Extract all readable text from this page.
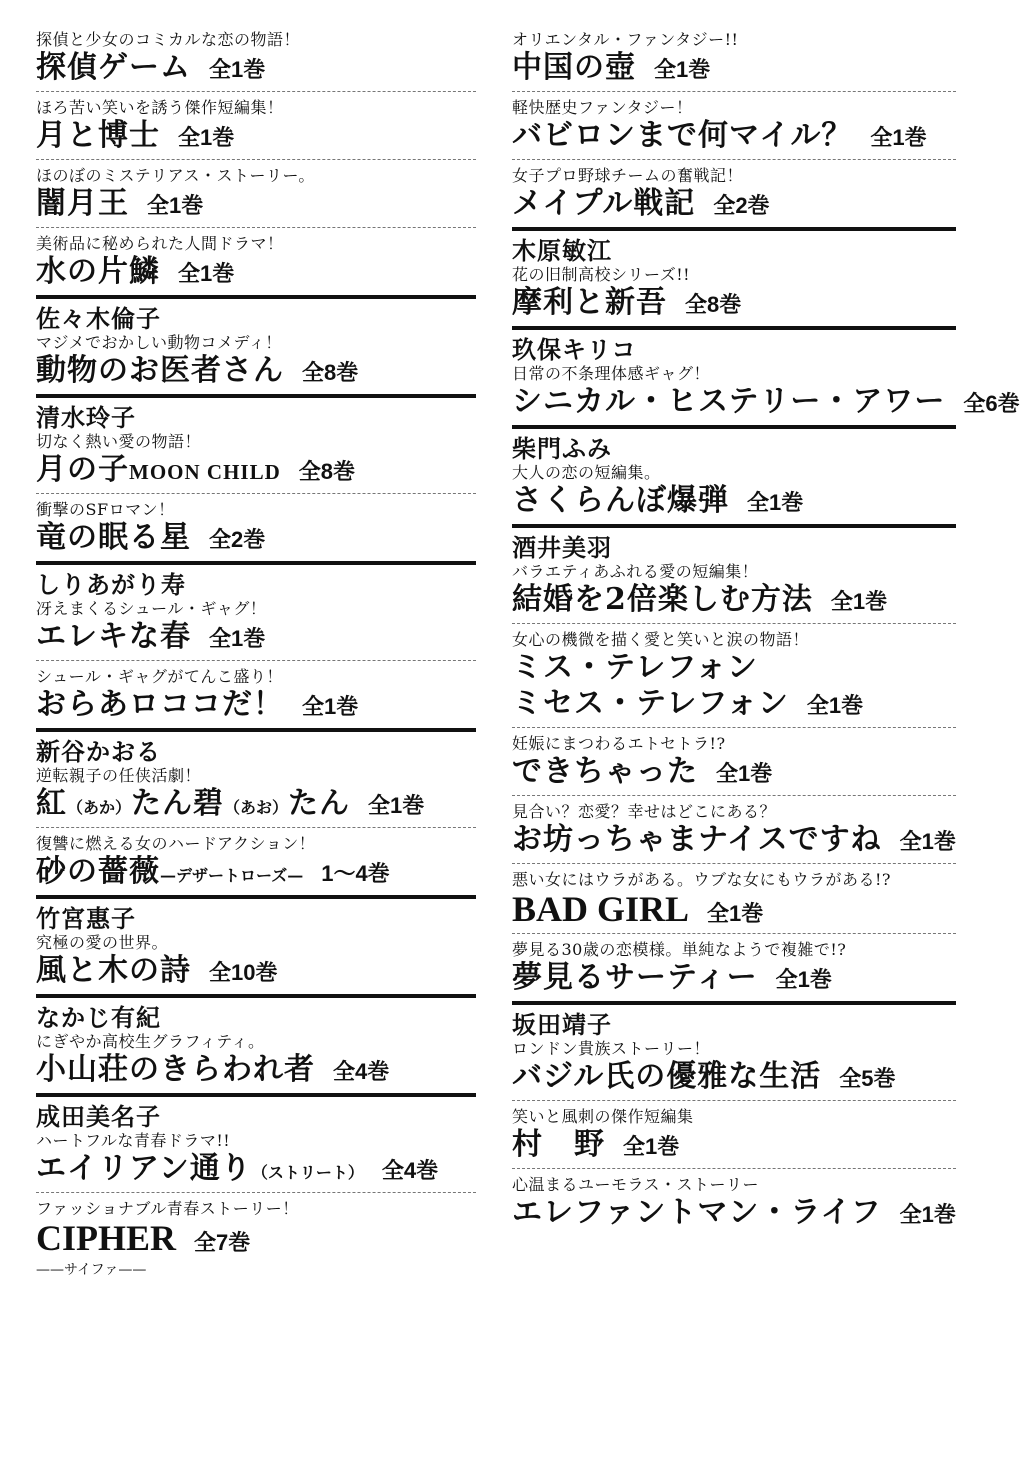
探偵と少女のコミカルな恋の物語！
探偵ゲーム 全1巻
ほろ苦い笑いを誘う傑作短編集！
月と博士 全1巻
ほのぼのミステリアス・ストーリー。
闇月王 全1巻
美術品に秘められた人間ドラマ！
水の片鱗 全1巻
佐々木倫子
マジメでおかしい動物コメディ！
動物のお医者さん 全8巻
清水玲子
切なく熱い愛の物語！
月の子 MOON CHILD 全8巻
衝撃のSFロマン！
竜の眠る星 全2巻
しりあがり寿
冴えまくるシュール・ギャグ！
エレキな春 全1巻
シュール・ギャグがてんこ盛り！
おらあロココだ！ 全1巻
新谷かおる
逆転親子の任侠活劇！
紅 （あか） たん碧 （あお） たん 全1巻
復讐に燃える女のハードアクション！
砂の薔薇 —デザートローズ— 1〜4巻
竹宮惠子
究極の愛の世界。
風と木の詩 全10巻
なかじ有紀
にぎやか高校生グラフィティ。
小山荘のきらわれ者 全4巻
成田美名子
ハートフルな青春ドラマ!!
エイリアン通り （ストリート） 全4巻
ファッショナブル青春ストーリー！
CIPHER 全7巻
——サイファ——
オリエンタル・ファンタジー!!
中国の壺 全1巻
軽快歴史ファンタジー！
バビロンまで何マイル？ 全1巻
女子プロ野球チームの奮戦記！
メイプル戦記 全2巻
木原敏江
花の旧制高校シリーズ!!
摩利と新吾 全8巻
玖保キリコ
日常の不条理体感ギャグ！
シニカル・ヒステリー・アワー 全6巻
柴門ふみ
大人の恋の短編集。
さくらんぼ爆弾 全1巻
酒井美羽
バラエティあふれる愛の短編集！
結婚を2倍楽しむ方法 全1巻
女心の機微を描く愛と笑いと涙の物語！
ミス・テレフォン
ミセス・テレフォン 全1巻
妊娠にまつわるエトセトラ!?
できちゃった 全1巻
見合い？恋愛？幸せはどこにある？
お坊っちゃまナイスですね 全1巻
悪い女にはウラがある。ウブな女にもウラがある!?
BAD GIRL 全1巻
夢見る30歳の恋模様。単純なようで複雑で!?
夢見るサーティー 全1巻
坂田靖子
ロンドン貴族ストーリー！
バジル氏の優雅な生活 全5巻
笑いと風刺の傑作短編集
村　野 全1巻
心温まるユーモラス・ストーリー
エレファントマン・ライフ 全1巻
